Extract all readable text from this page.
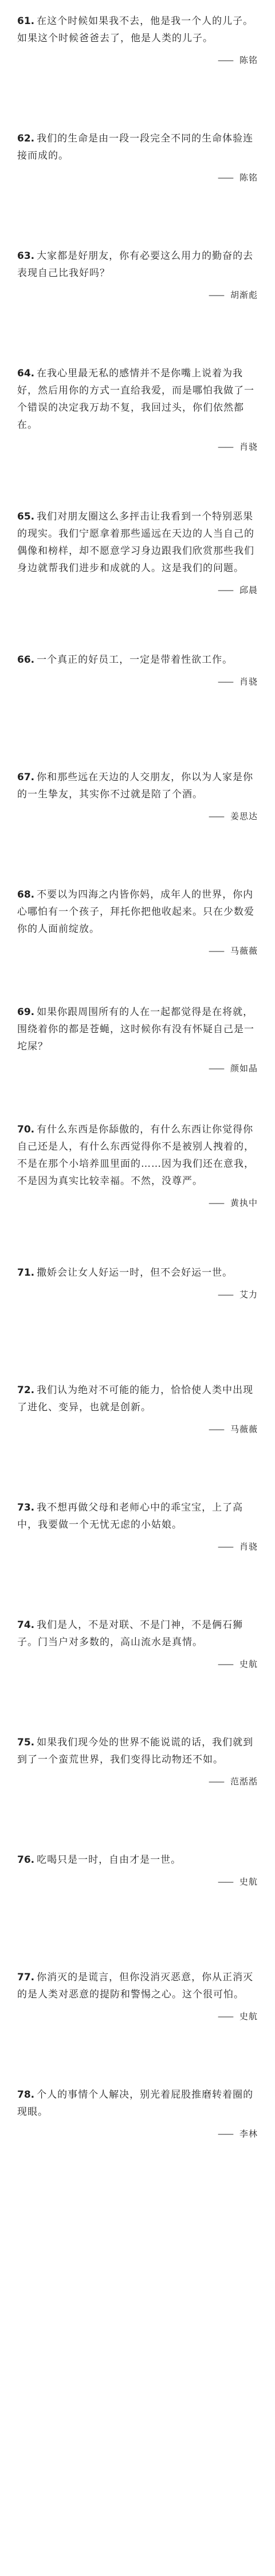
61. 在这个时候如果我不去，他是我一个人的儿子。如果这个时候爸爸去了，他是人类的儿子。

—— 陈铭

62. 我们的生命是由一段一段完全不同的生命体验连接而成的。

—— 陈铭

63. 大家都是好朋友，你有必要这么用力的勤奋的去表现自己比我好吗？

—— 胡渐彪

64. 在我心里最无私的感情并不是你嘴上说着为我好，然后用你的方式一直给我爱，而是哪怕我做了一个错误的决定我万劫不复，我回过头，你们依然都在。

—— 肖骁

65. 我们对朋友圈这么多抨击让我看到一个特别恶果的现实。我们宁愿拿着那些遥远在天边的人当自己的偶像和榜样，却不愿意学习身边跟我们欣赏那些我们身边就帮我们进步和成就的人。这是我们的问题。

—— 邱晨

66. 一个真正的好员工，一定是带着性欲工作。

—— 肖骁

67. 你和那些远在天边的人交朋友，你以为人家是你的一生挚友，其实你不过就是陪了个酒。

—— 姜思达

68. 不要以为四海之内皆你妈，成年人的世界，你内心哪怕有一个孩子，拜托你把他收起来。只在少数爱你的人面前绽放。

—— 马薇薇

69. 如果你跟周围所有的人在一起都觉得是在将就，围绕着你的都是苍蝇，这时候你有没有怀疑自己是一坨屎？

—— 颜如晶

70. 有什么东西是你舔傲的，有什么东西让你觉得你自己还是人，有什么东西觉得你不是被别人拽着的，不是在那个小培养皿里面的……因为我们还在意我，不是因为真实比较幸福。不然，没尊严。

—— 黄执中

71. 撒娇会让女人好运一时，但不会好运一世。

—— 艾力

72. 我们认为绝对不可能的能力，恰恰使人类中出现了进化、变异，也就是创新。

—— 马薇薇

73. 我不想再做父母和老师心中的乖宝宝，上了高中，我要做一个无忧无虑的小姑娘。

—— 肖骁

74. 我们是人，不是对联、不是门神，不是俩石狮子。门当户对多数的，高山流水是真情。

—— 史航

75. 如果我们现今处的世界不能说谎的话，我们就到到了一个蛮荒世界，我们变得比动物还不如。

—— 范湉湉

76. 吃喝只是一时，自由才是一世。

—— 史航

77. 你消灭的是谎言，但你没消灭恶意，你从正消灭的是人类对恶意的提防和警惕之心。这个很可怕。

—— 史航

78. 个人的事情个人解决，别光着屁股推磨转着圈的现眼。

—— 李林
